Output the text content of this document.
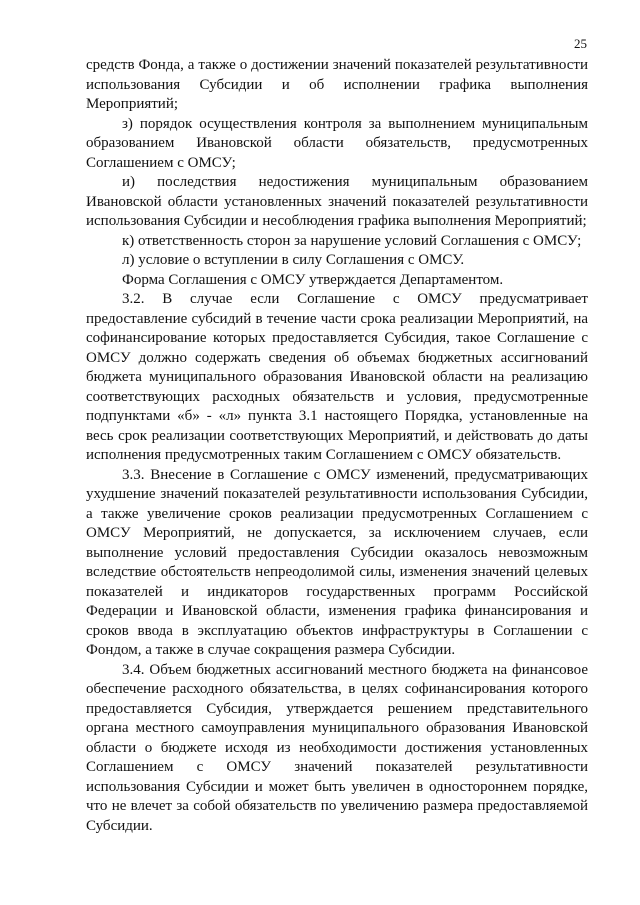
25

средств Фонда, а также о достижении значений показателей результативности использования Субсидии и об исполнении графика выполнения Мероприятий;

з) порядок осуществления контроля за выполнением муниципальным образованием Ивановской области обязательств, предусмотренных Соглашением с ОМСУ;

и) последствия недостижения муниципальным образованием Ивановской области установленных значений показателей результативности использования Субсидии и несоблюдения графика выполнения Мероприятий;

к) ответственность сторон за нарушение условий Соглашения с ОМСУ;

л) условие о вступлении в силу Соглашения с ОМСУ.

Форма Соглашения с ОМСУ утверждается Департаментом.

3.2. В случае если Соглашение с ОМСУ предусматривает предоставление субсидий в течение части срока реализации Мероприятий, на софинансирование которых предоставляется Субсидия, такое Соглашение с ОМСУ должно содержать сведения об объемах бюджетных ассигнований бюджета муниципального образования Ивановской области на реализацию соответствующих расходных обязательств и условия, предусмотренные подпунктами «б» - «л» пункта 3.1 настоящего Порядка, установленные на весь срок реализации соответствующих Мероприятий, и действовать до даты исполнения предусмотренных таким Соглашением с ОМСУ обязательств.

3.3. Внесение в Соглашение с ОМСУ изменений, предусматривающих ухудшение значений показателей результативности использования Субсидии, а также увеличение сроков реализации предусмотренных Соглашением с ОМСУ Мероприятий, не допускается, за исключением случаев, если выполнение условий предоставления Субсидии оказалось невозможным вследствие обстоятельств непреодолимой силы, изменения значений целевых показателей и индикаторов государственных программ Российской Федерации и Ивановской области, изменения графика финансирования и сроков ввода в эксплуатацию объектов инфраструктуры в Соглашении с Фондом, а также в случае сокращения размера Субсидии.

3.4. Объем бюджетных ассигнований местного бюджета на финансовое обеспечение расходного обязательства, в целях софинансирования которого предоставляется Субсидия, утверждается решением представительного органа местного самоуправления муниципального образования Ивановской области о бюджете исходя из необходимости достижения установленных Соглашением с ОМСУ значений показателей результативности использования Субсидии и может быть увеличен в одностороннем порядке, что не влечет за собой обязательств по увеличению размера предоставляемой Субсидии.
